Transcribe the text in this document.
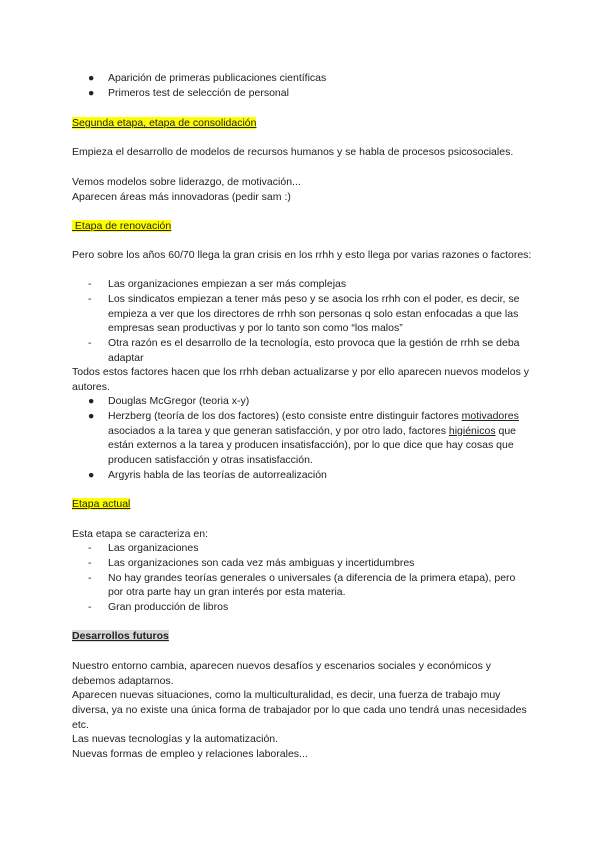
●	Aparición de primeras publicaciones científicas
●	Primeros test de selección de personal

Segunda etapa, etapa de consolidación

Empieza el desarrollo de modelos de recursos humanos y se habla de procesos psicosociales.

Vemos modelos sobre liderazgo, de motivación...

Aparecen áreas más innovadoras (pedir sam :)

Etapa de renovación

Pero sobre los años 60/70 llega la gran crisis en los rrhh y esto llega por varias razones o factores:

-	Las organizaciones empiezan a ser más complejas
-	Los sindicatos empiezan a tener más peso y se asocia los rrhh con el poder, es decir, se empieza a ver que los directores de rrhh son personas q solo estan enfocadas a que las empresas sean productivas y por lo tanto son como “los malos”
-	Otra razón es el desarrollo de la tecnología, esto provoca que la gestión de rrhh se deba adaptar

Todos estos factores hacen que los rrhh deban actualizarse y por ello aparecen nuevos modelos y autores.

●	Douglas McGregor (teoria x-y)
●	Herzberg (teoría de los dos factores) (esto consiste entre distinguir factores motivadores asociados a la tarea y que generan satisfacción, y por otro lado, factores higiénicos que están externos a la tarea y producen insatisfacción), por lo que dice que hay cosas que producen satisfacción y otras insatisfacción.
●	Argyris habla de las teorías de autorrealización

Etapa actual

Esta etapa se caracteriza en:

-	Las organizaciones
-	Las organizaciones son cada vez más ambiguas y incertidumbres
-	No hay grandes teorías generales o universales (a diferencia de la primera etapa), pero por otra parte hay un gran interés por esta materia.
-	Gran producción de libros

Desarrollos futuros

Nuestro entorno cambia, aparecen nuevos desafíos y escenarios sociales y económicos y debemos adaptarnos.

Aparecen nuevas situaciones, como la multiculturalidad, es decir, una fuerza de trabajo muy diversa, ya no existe una única forma de trabajador por lo que cada uno tendrá unas necesidades etc.

Las nuevas tecnologías y la automatización.

Nuevas formas de empleo y relaciones laborales...
